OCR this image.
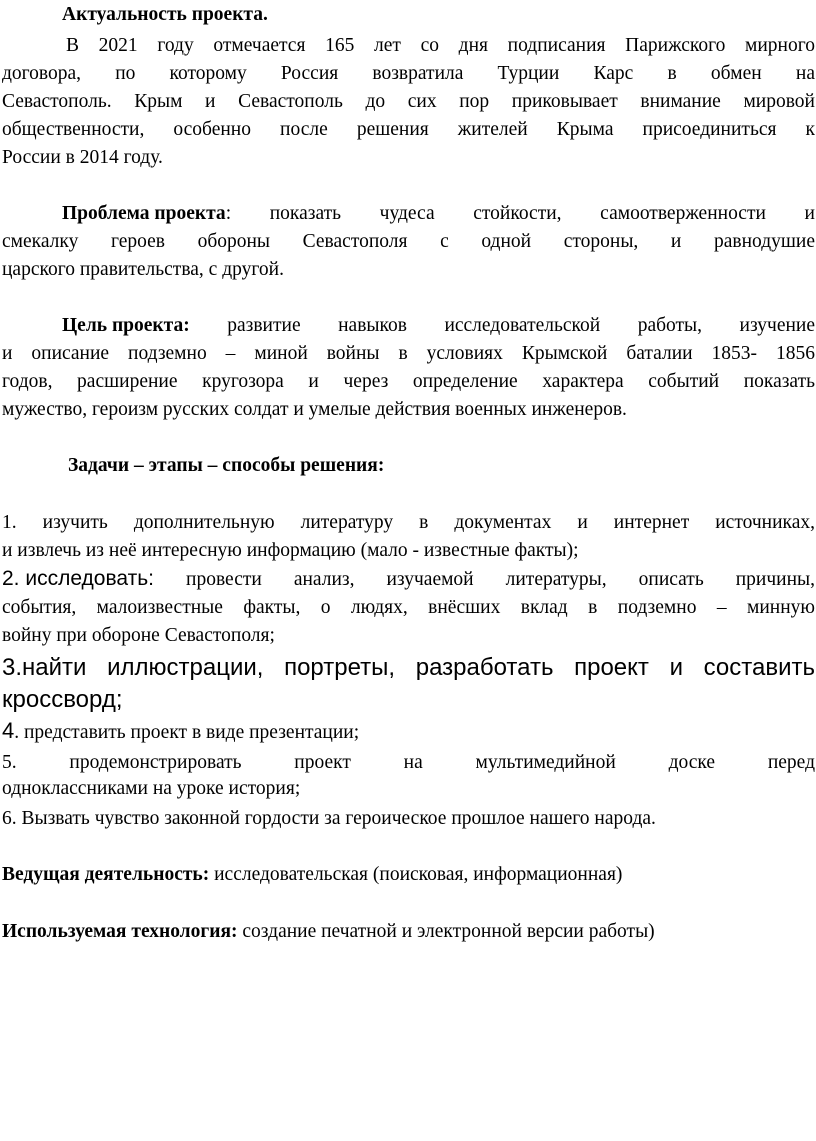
Актуальность проекта.
В 2021 году отмечается 165 лет со дня подписания Парижского мирного
договора, по которому Россия возвратила Турции Карс в обмен на
Севастополь. Крым и Севастополь до сих пор приковывает внимание мировой
общественности, особенно после решения жителей Крыма присоединиться к
России в 2014 году.
Проблема проекта : показать чудеса стойкости, самоотверженности и
смекалку героев обороны Севастополя с одной стороны, и равнодушие
царского правительства, с другой.
Цель проекта: развитие навыков исследовательской работы, изучение
и описание подземно – миной войны в условиях Крымской баталии 1853- 1856
годов, расширение кругозора и через определение характера событий показать
мужество, героизм русских солдат и умелые действия военных инженеров.
Задачи – этапы – способы решения:
1. изучить дополнительную литературу в документах и интернет источниках,
и извлечь из неё интересную информацию (мало - известные факты);
2. исследовать: провести анализ, изучаемой литературы, описать причины,
события, малоизвестные факты, о людях, внёсших вклад в подземно – минную
войну при обороне Севастополя;
3.найти иллюстрации, портреты, разработать проект и составить
кроссворд;
4 . представить проект в виде презентации;
5. продемонстрировать проект на мультимедийной доске перед
одноклассниками на уроке история;
6. Вызвать чувство законной гордости за героическое прошлое нашего народа.
Ведущая деятельность: исследовательская (поисковая, информационная)
Используемая технология: создание печатной и электронной версии работы)
